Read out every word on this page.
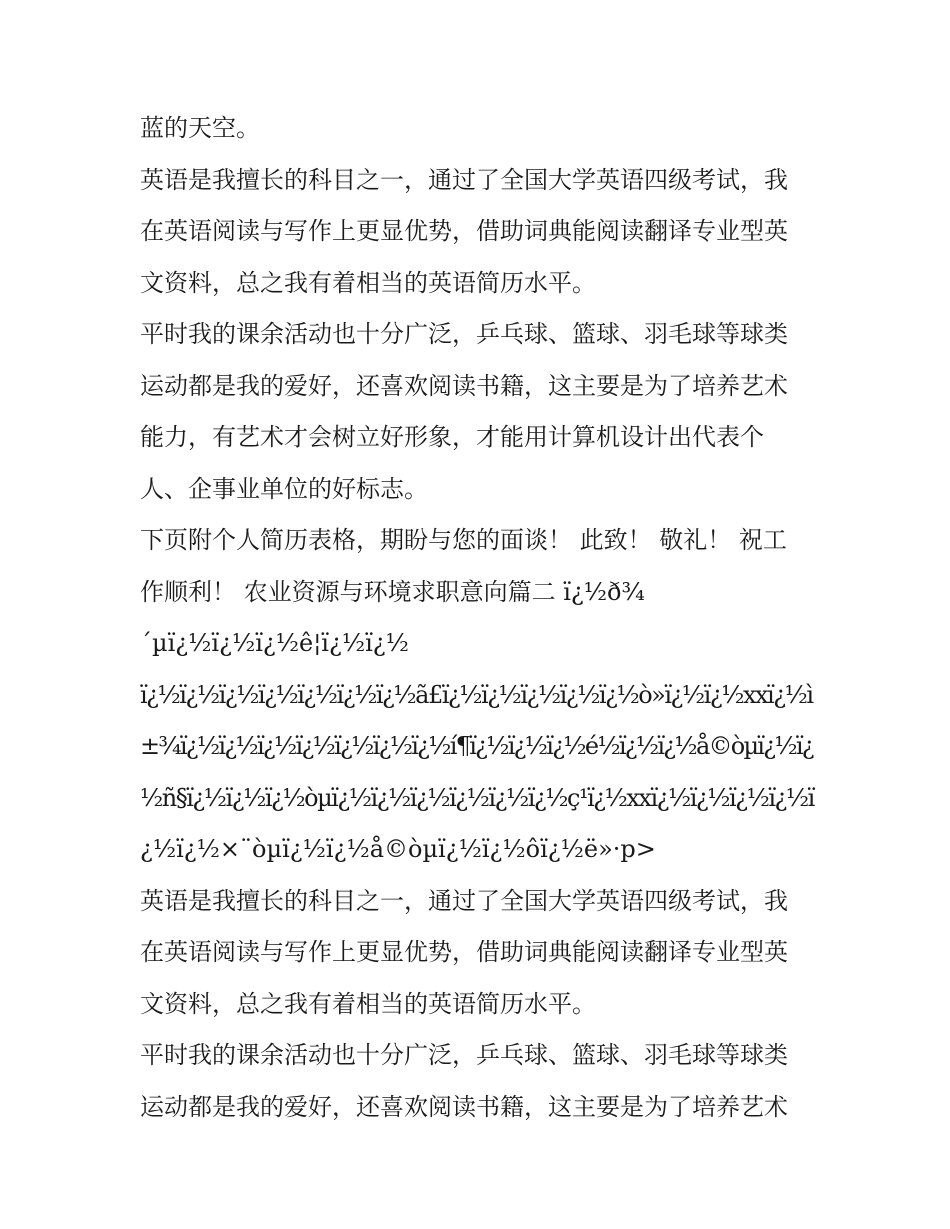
蓝的天空。
英语是我擅长的科目之一，通过了全国大学英语四级考试，我
在英语阅读与写作上更显优势，借助词典能阅读翻译专业型英
文资料，总之我有着相当的英语简历水平。
平时我的课余活动也十分广泛，乒乓球、篮球、羽毛球等球类
运动都是我的爱好，还喜欢阅读书籍，这主要是为了培养艺术
能力，有艺术才会树立好形象，才能用计算机设计出代表个
人、企事业单位的好标志。
下页附个人简历表格，期盼与您的面谈！ 此致！ 敬礼！ 祝工
作顺利！ 农业资源与环境求职意向篇二 ï¿½ð¾
´µï¿½ï¿½ï¿½ê¦ï¿½ï¿½
ï¿½ï¿½ï¿½ï¿½ï¿½ï¿½ï¿½ã£ï¿½ï¿½ï¿½ï¿½ï¿½ò»ï¿½ï¿½xxï¿½ì
±¾ï¿½ï¿½ï¿½ï¿½ï¿½ï¿½ï¿½í¶ï¿½ï¿½ï¿½é½ï¿½ï¿½å©òµï¿½ï¿
½ñ§ï¿½ï¿½ï¿½òµï¿½ï¿½ï¿½ï¿½ï¿½ï¿½ç¹ï¿½xxï¿½ï¿½ï¿½ï¿½ï
¿½ï¿½×¨òµï¿½ï¿½å©òµï¿½ï¿½ôï¿½ë»·p>
英语是我擅长的科目之一，通过了全国大学英语四级考试，我
在英语阅读与写作上更显优势，借助词典能阅读翻译专业型英
文资料，总之我有着相当的英语简历水平。
平时我的课余活动也十分广泛，乒乓球、篮球、羽毛球等球类
运动都是我的爱好，还喜欢阅读书籍，这主要是为了培养艺术
